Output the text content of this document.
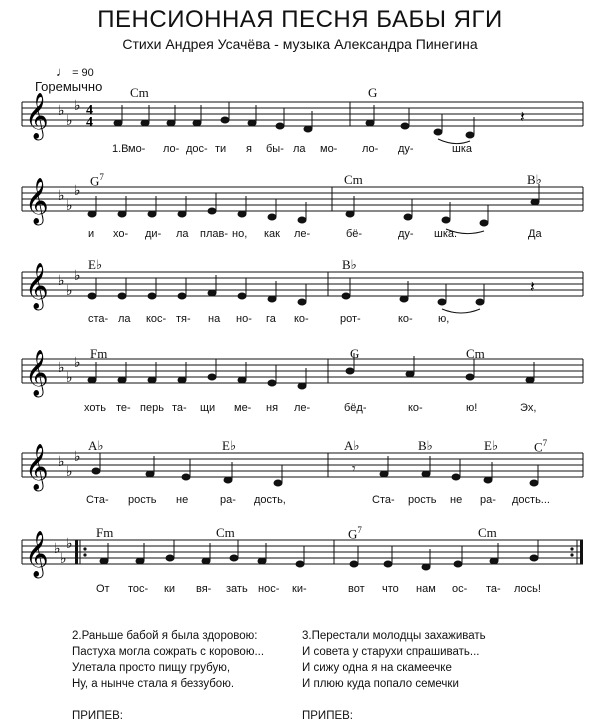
ПЕНСИОННАЯ ПЕСНЯ БАБЫ ЯГИ
Стихи Андрея Усачёва - музыка Александра Пинегина
♩ = 90
Горемычно
𝄞 ♭
♭
♭ 4
4	𝄽
Cm	G
1.В мо- ло- дос- ти я бы- ла мо- ло- ду-	шка
𝄞 ♭
♭
♭
$G^7$	Cm	B♭
и хо- ди- ла плав- но, как ле-	бё-	ду- шка.	Да
𝄞 ♭
♭
♭
𝄽
E♭	B♭
ста- ла кос- тя- на но- га ко-	рот-	ко- ю,
𝄞 ♭
♭
♭
Fm	G	Cm
хоть те- перь та- щи ме- ня ле-	бёд-	ко-	ю!	Эх,
𝄞 ♭
♭
♭
𝄾
A♭	E♭	A♭	B♭	E♭	$C^7$
Ста- рость не	ра- дость,	Ста- рость не ра- дость...
𝄞 ♭
♭
♭
Fm	Cm	$G^7$	Cm
От тос- ки вя- зать нос- ки-	вот что нам ос- та- лось!

2.Раньше бабой я была здоровою:

Пастуха могла сожрать с коровою...

Улетала просто пищу грубую,

Ну, а нынче стала я беззубою.

ПРИПЕВ:

3.Перестали молодцы захаживать

И совета у старухи спрашивать...

И сижу одна я на скамеечке

И плюю куда попало семечки

ПРИПЕВ:
